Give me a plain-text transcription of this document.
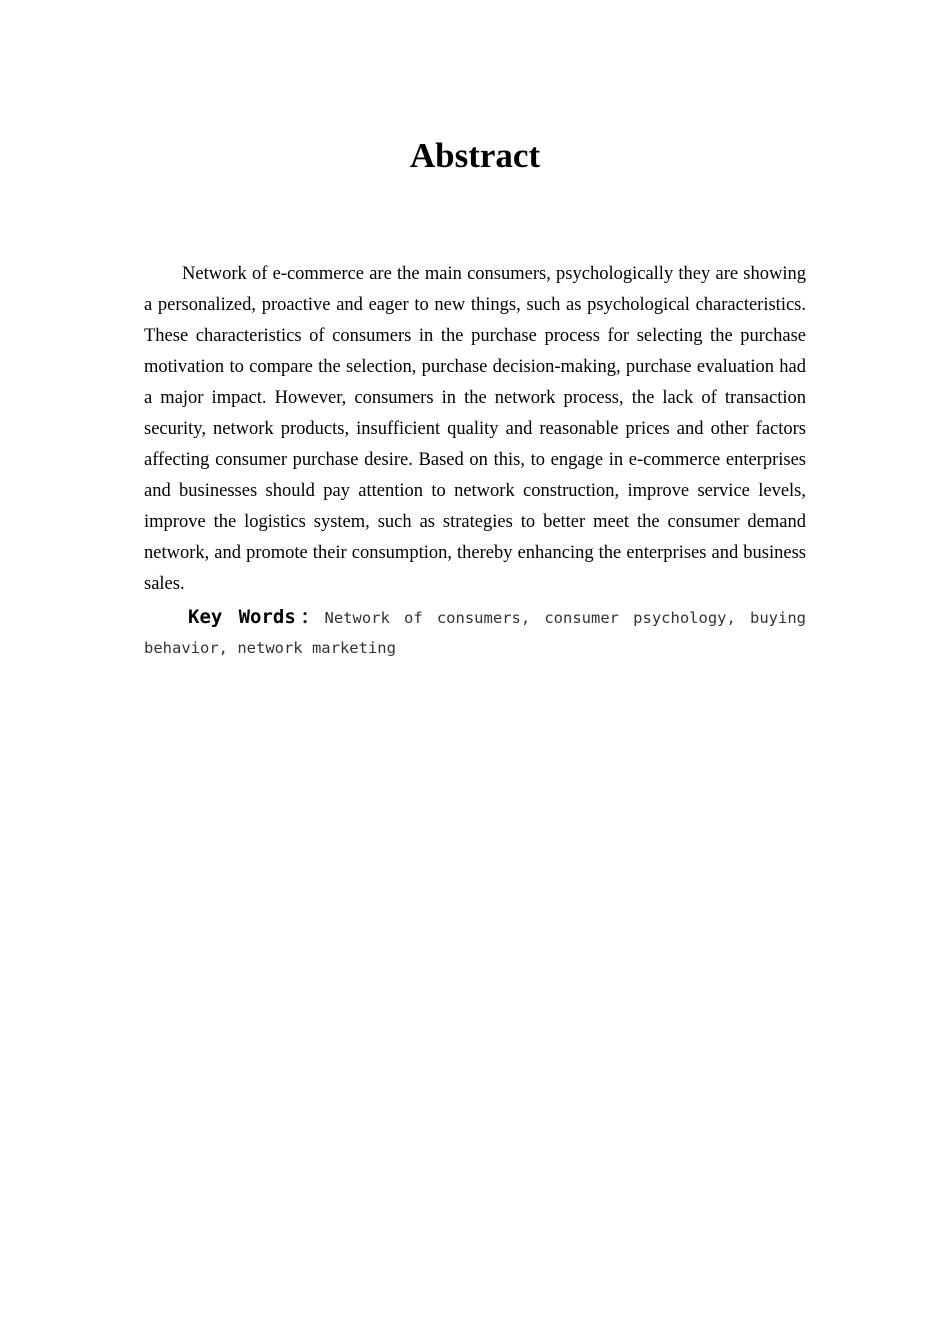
Abstract

Network of e-commerce are the main consumers, psychologically they are showing a personalized, proactive and eager to new things, such as psychological characteristics. These characteristics of consumers in the purchase process for selecting the purchase motivation to compare the selection, purchase decision-making, purchase evaluation had a major impact. However, consumers in the network process, the lack of transaction security, network products, insufficient quality and reasonable prices and other factors affecting consumer purchase desire. Based on this, to engage in e-commerce enterprises and businesses should pay attention to network construction, improve service levels, improve the logistics system, such as strategies to better meet the consumer demand network, and promote their consumption, thereby enhancing the enterprises and business sales.

Key Words：Network of consumers, consumer psychology, buying behavior, network marketing
